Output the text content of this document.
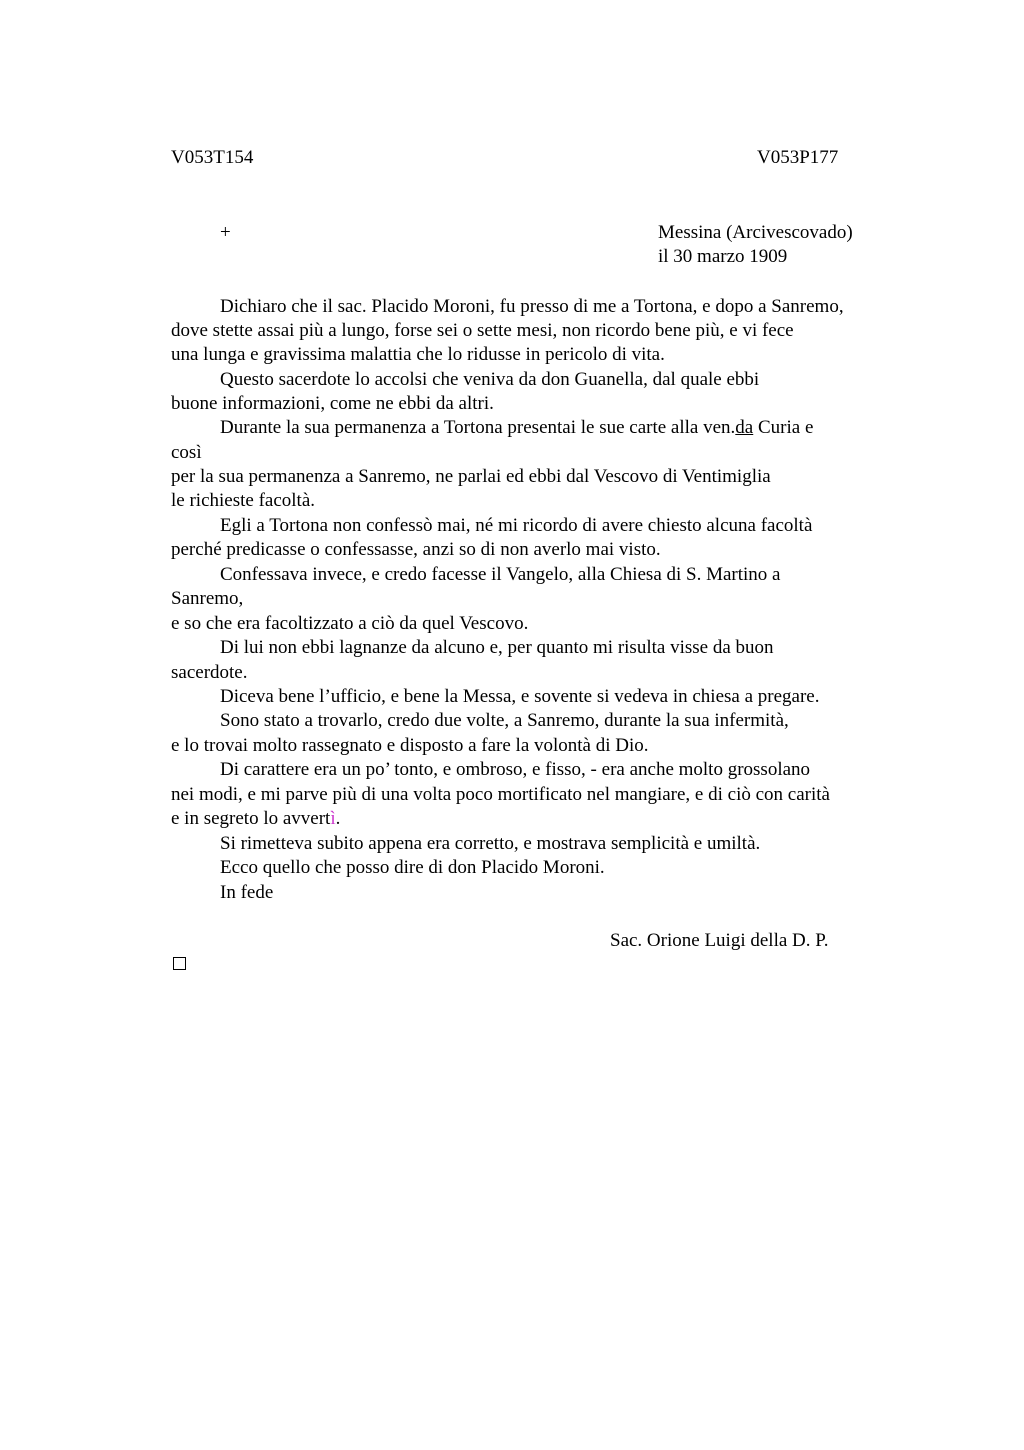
V053T154	V053P177
+	Messina (Arcivescovado)
il 30 marzo 1909
Dichiaro che il sac. Placido Moroni, fu presso di me a Tortona, e dopo a Sanremo,
dove stette assai più a lungo, forse sei o sette mesi, non ricordo bene più, e vi fece
una lunga e gravissima malattia che lo ridusse in pericolo di vita.
Questo sacerdote lo accolsi che veniva da don Guanella, dal quale ebbi
buone informazioni, come ne ebbi da altri.
Durante la sua permanenza a Tortona presentai le sue carte alla ven.da Curia e
così
per la sua permanenza a Sanremo, ne parlai ed ebbi dal Vescovo di Ventimiglia
le richieste facoltà.
Egli a Tortona non confessò mai, né mi ricordo di avere chiesto alcuna facoltà
perché predicasse o confessasse, anzi so di non averlo mai visto.
Confessava invece, e credo facesse il Vangelo, alla Chiesa di S. Martino a
Sanremo,
e so che era facoltizzato a ciò da quel Vescovo.
Di lui non ebbi lagnanze da alcuno e, per quanto mi risulta visse da buon
sacerdote.
Diceva bene l’ufficio, e bene la Messa, e sovente si vedeva in chiesa a pregare.
Sono stato a trovarlo, credo due volte, a Sanremo, durante la sua infermità,
e lo trovai molto rassegnato e disposto a fare la volontà di Dio.
Di carattere era un po’ tonto, e ombroso, e fisso, - era anche molto grossolano
nei modi, e mi parve più di una volta poco mortificato nel mangiare, e di ciò con carità
e in segreto lo avvertì.
Si rimetteva subito appena era corretto, e mostrava semplicità e umiltà.
Ecco quello che posso dire di don Placido Moroni.
In fede
Sac. Orione Luigi della D. P.
